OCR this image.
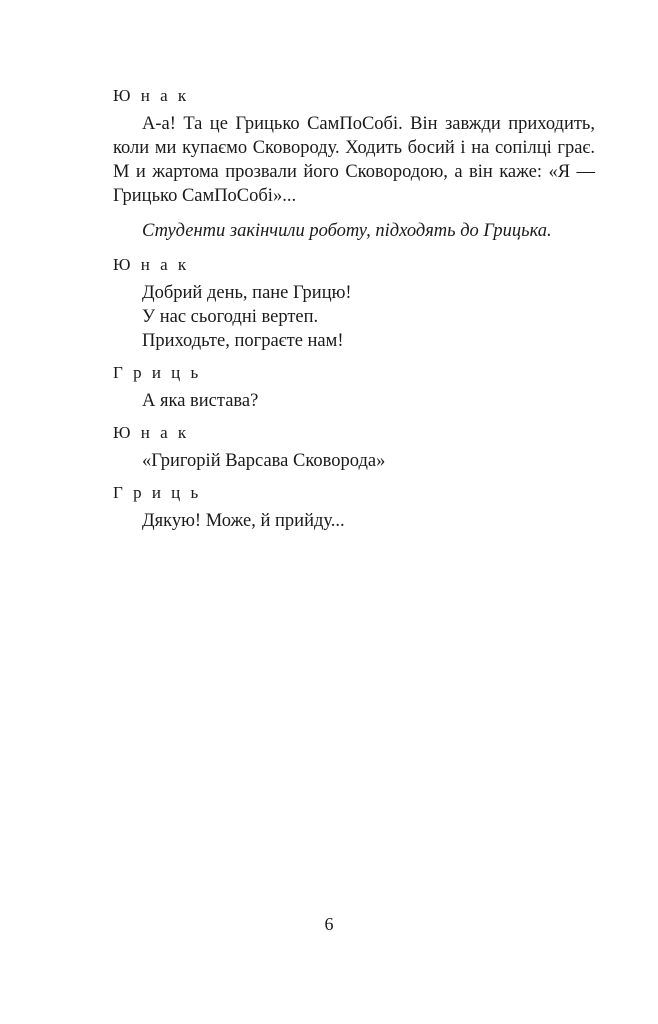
Ю н а к

А-а! Та це Грицько СамПоСобі. Він завжди приходить, коли ми купаємо Сковороду. Ходить босий і на сопілці грає. М и жартома прозвали його Сковородою, а він каже: «Я — Грицько СамПоСобі»...

Студенти закінчили роботу, підходять до Грицька.

Ю н а к

Добрий день, пане Грицю!
У нас сьогодні вертеп.
Приходьте, пограєте нам!

Г р и ц ь

А яка вистава?

Ю н а к

«Григорій Варсава Сковорода»

Г р и ц ь

Дякую! Може, й прийду...

6
